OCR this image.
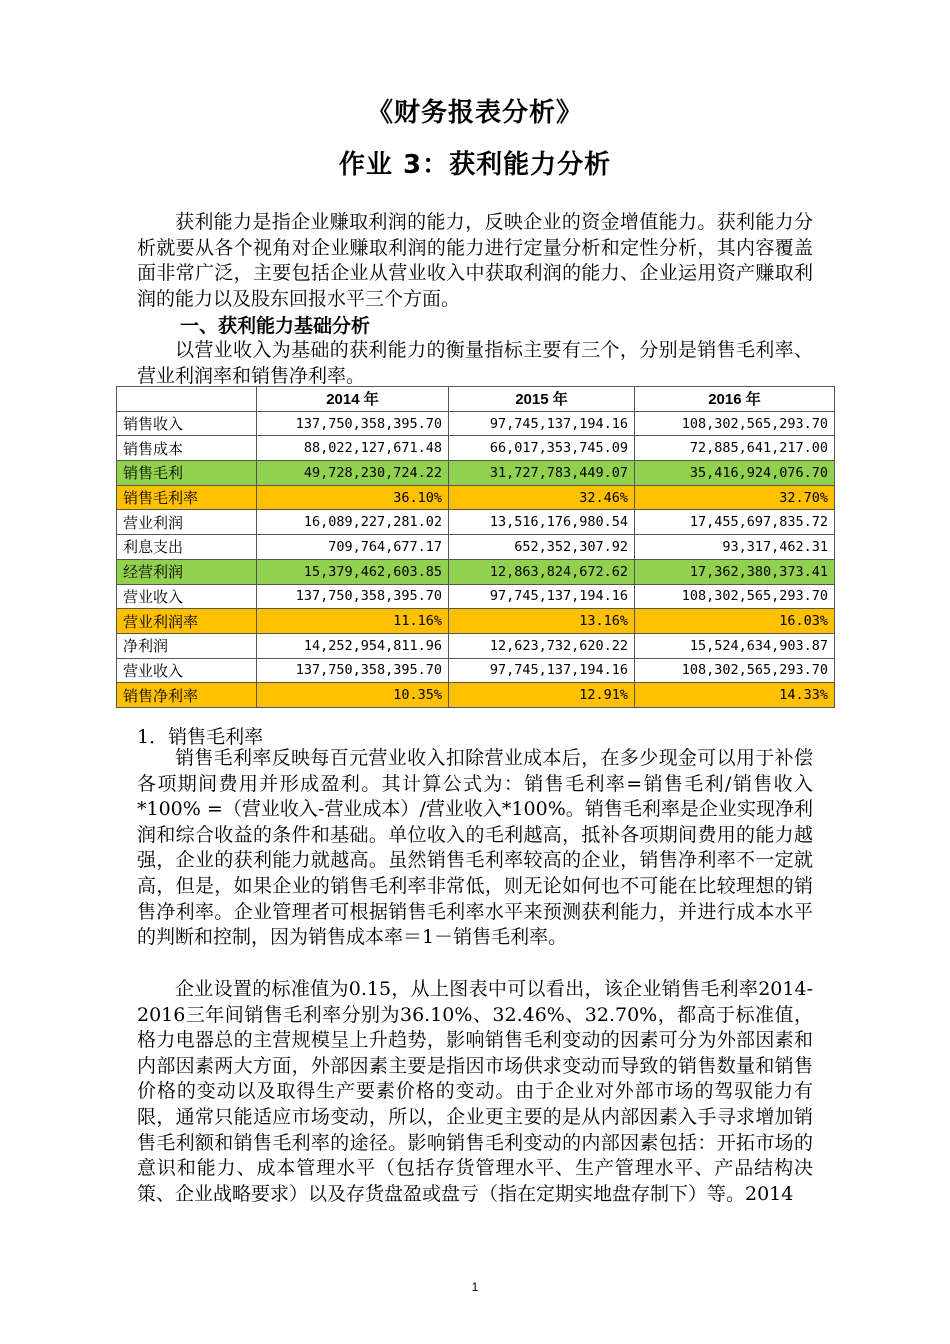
《财务报表分析》
作业 3：获利能力分析
获利能力是指企业赚取利润的能力，反映企业的资金增值能力。获利能力分析就要从各个视角对企业赚取利润的能力进行定量分析和定性分析，其内容覆盖面非常广泛，主要包括企业从营业收入中获取利润的能力、企业运用资产赚取利润的能力以及股东回报水平三个方面。
一、获利能力基础分析
以营业收入为基础的获利能力的衡量指标主要有三个，分别是销售毛利率、营业利润率和销售净利率。
	2014 年	2015 年	2016 年
销售收入	137,750,358,395.70	97,745,137,194.16	108,302,565,293.70
销售成本	88,022,127,671.48	66,017,353,745.09	72,885,641,217.00
销售毛利	49,728,230,724.22	31,727,783,449.07	35,416,924,076.70
销售毛利率	36.10%	32.46%	32.70%
营业利润	16,089,227,281.02	13,516,176,980.54	17,455,697,835.72
利息支出	709,764,677.17	652,352,307.92	93,317,462.31
经营利润	15,379,462,603.85	12,863,824,672.62	17,362,380,373.41
营业收入	137,750,358,395.70	97,745,137,194.16	108,302,565,293.70
营业利润率	11.16%	13.16%	16.03%
净利润	14,252,954,811.96	12,623,732,620.22	15,524,634,903.87
营业收入	137,750,358,395.70	97,745,137,194.16	108,302,565,293.70
销售净利率	10.35%	12.91%	14.33%
1．销售毛利率
销售毛利率反映每百元营业收入扣除营业成本后，在多少现金可以用于补偿各项期间费用并形成盈利。其计算公式为：销售毛利率=销售毛利/销售收入*100% =（营业收入-营业成本）/营业收入*100%。销售毛利率是企业实现净利润和综合收益的条件和基础。单位收入的毛利越高，抵补各项期间费用的能力越强，企业的获利能力就越高。虽然销售毛利率较高的企业，销售净利率不一定就高，但是，如果企业的销售毛利率非常低，则无论如何也不可能在比较理想的销售净利率。企业管理者可根据销售毛利率水平来预测获利能力，并进行成本水平的判断和控制，因为销售成本率＝1－销售毛利率。
企业设置的标准值为0.15，从上图表中可以看出，该企业销售毛利率2014-2016三年间销售毛利率分别为36.10%、32.46%、32.70%，都高于标准值，格力电器总的主营规模呈上升趋势，影响销售毛利变动的因素可分为外部因素和内部因素两大方面，外部因素主要是指因市场供求变动而导致的销售数量和销售价格的变动以及取得生产要素价格的变动。由于企业对外部市场的驾驭能力有限，通常只能适应市场变动，所以，企业更主要的是从内部因素入手寻求增加销售毛利额和销售毛利率的途径。影响销售毛利变动的内部因素包括：开拓市场的意识和能力、成本管理水平（包括存货管理水平、生产管理水平、产品结构决策、企业战略要求）以及存货盘盈或盘亏（指在定期实地盘存制下）等。2014
1
